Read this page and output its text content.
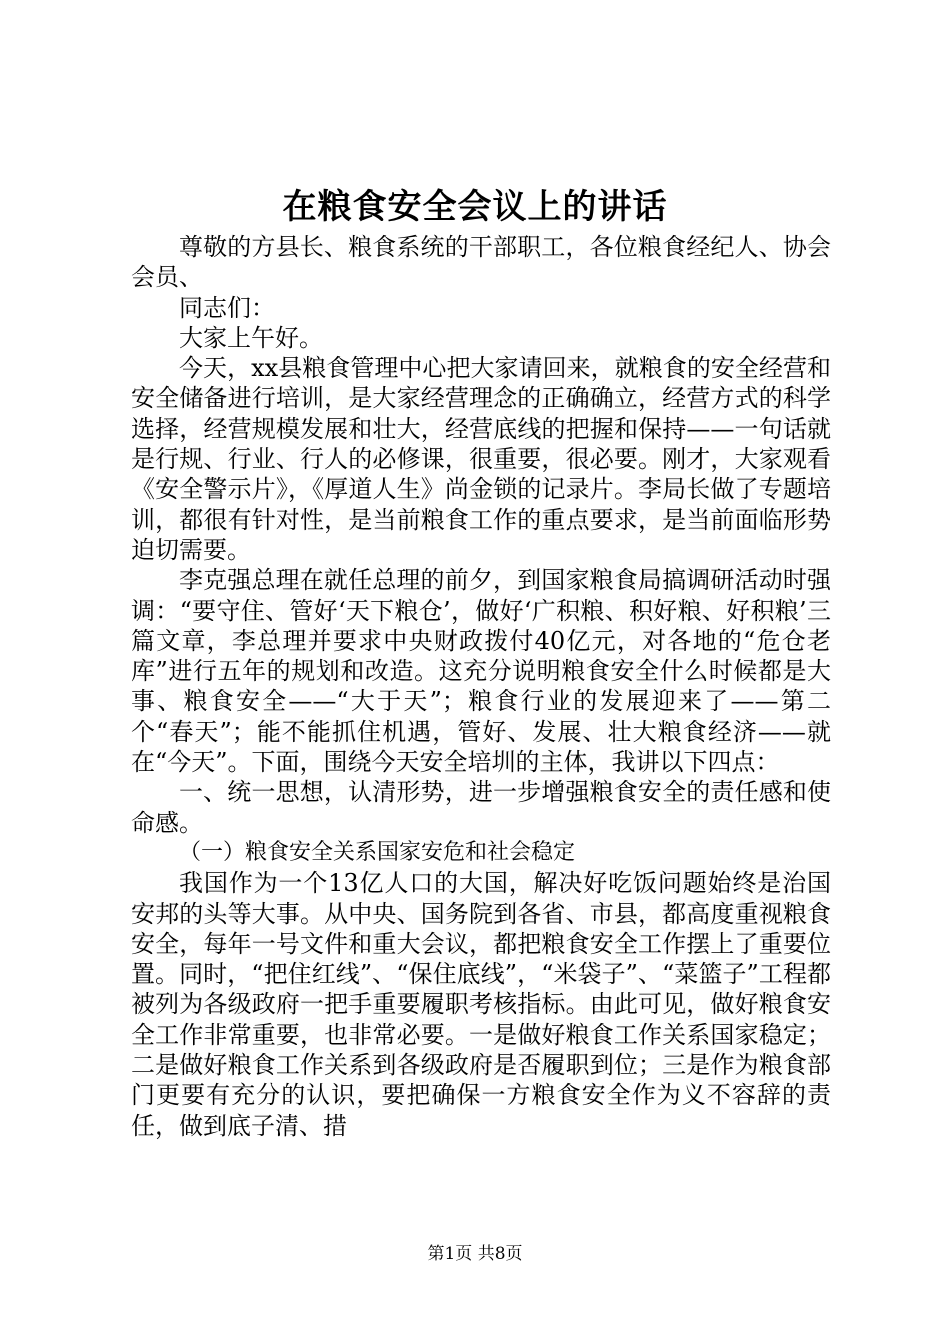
在粮食安全会议上的讲话

尊敬的方县长、粮食系统的干部职工，各位粮食经纪人、协会会员、

同志们：

大家上午好。

今天，xx县粮食管理中心把大家请回来，就粮食的安全经营和安全储备进行培训，是大家经营理念的正确确立，经营方式的科学选择，经营规模发展和壮大，经营底线的把握和保持——一句话就是行规、行业、行人的必修课，很重要，很必要。刚才，大家观看《安全警示片》，《厚道人生》尚金锁的记录片。李局长做了专题培训，都很有针对性，是当前粮食工作的重点要求，是当前面临形势迫切需要。

李克强总理在就任总理的前夕，到国家粮食局搞调研活动时强调：“要守住、管好‘天下粮仓’，做好‘广积粮、积好粮、好积粮’三篇文章，李总理并要求中央财政拨付40亿元，对各地的“危仓老库”进行五年的规划和改造。这充分说明粮食安全什么时候都是大事、粮食安全——“大于天”；粮食行业的发展迎来了——第二个“春天”；能不能抓住机遇，管好、发展、壮大粮食经济——就在“今天”。下面，围绕今天安全培圳的主体，我讲以下四点：

一、统一思想，认清形势，进一步增强粮食安全的责任感和使命感。

（一）粮食安全关系国家安危和社会稳定

我国作为一个13亿人口的大国，解决好吃饭问题始终是治国安邦的头等大事。从中央、国务院到各省、市县，都高度重视粮食安全，每年一号文件和重大会议，都把粮食安全工作摆上了重要位置。同时，“把住红线”、“保住底线”，“米袋子”、“菜篮子”工程都被列为各级政府一把手重要履职考核指标。由此可见，做好粮食安全工作非常重要，也非常必要。一是做好粮食工作关系国家稳定；二是做好粮食工作关系到各级政府是否履职到位；三是作为粮食部门更要有充分的认识，要把确保一方粮食安全作为义不容辞的责任，做到底子清、措

第1页 共8页
